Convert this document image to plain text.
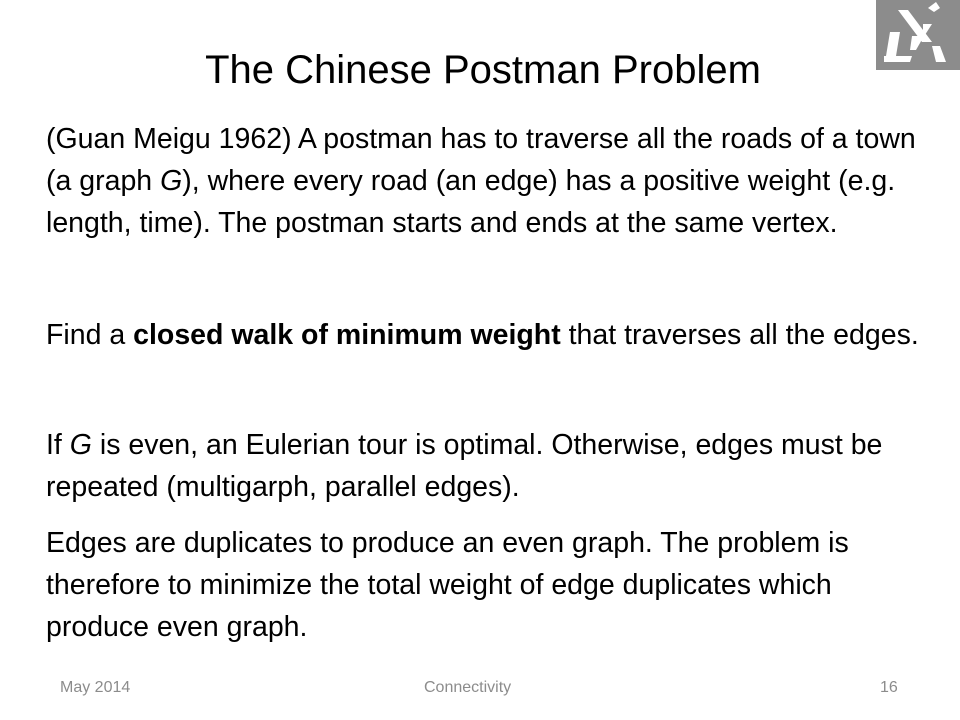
The Chinese Postman Problem

(Guan Meigu 1962) A postman has to traverse all the roads of a town (a graph G), where every road (an edge) has a positive weight (e.g. length, time). The postman starts and ends at the same vertex.

Find a closed walk of minimum weight that traverses all the edges.

If G is even, an Eulerian tour is optimal. Otherwise, edges must be repeated (multigarph, parallel edges).

Edges are duplicates to produce an even graph. The problem is therefore to minimize the total weight of edge duplicates which produce even graph.

May 2014	Connectivity	16
